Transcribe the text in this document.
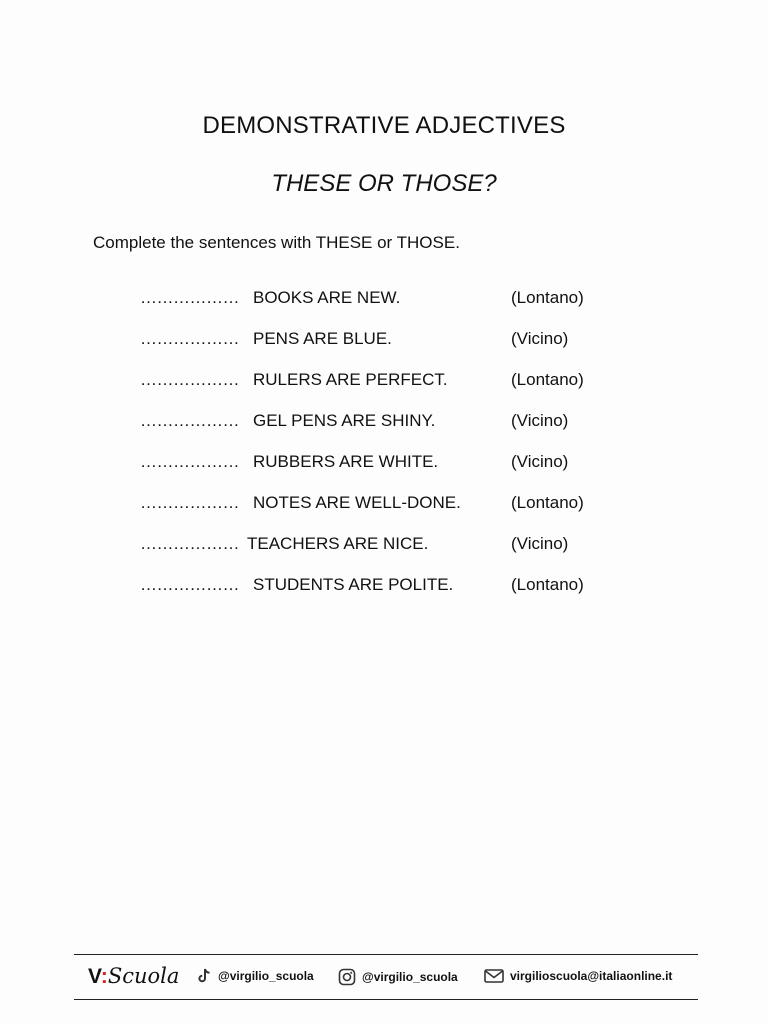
DEMONSTRATIVE ADJECTIVES
THESE OR THOSE?
Complete the sentences with THESE or THOSE.
……………… BOOKS ARE NEW.	(Lontano)
……………… PENS ARE BLUE.	(Vicino)
……………… RULERS ARE PERFECT.	(Lontano)
……………… GEL PENS ARE SHINY.	(Vicino)
……………… RUBBERS ARE WHITE.	(Vicino)
……………… NOTES ARE WELL-DONE.	(Lontano)
……………… TEACHERS ARE NICE.	(Vicino)
……………… STUDENTS ARE POLITE.	(Lontano)
V:Scuola	@virgilio_scuola	@virgilio_scuola	virgilioscuola@italiaonline.it
